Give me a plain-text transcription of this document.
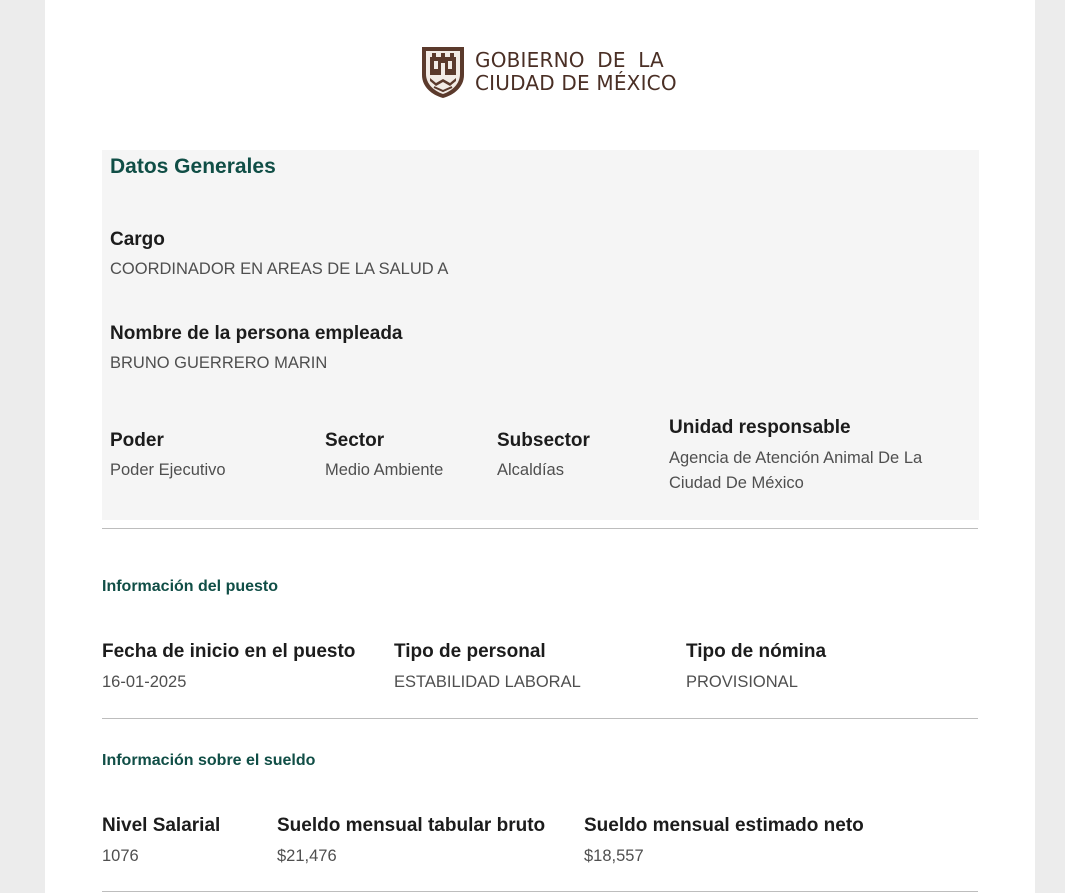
GOBIERNO DE LA
CIUDAD DE MÉXICO
Datos Generales
Cargo
COORDINADOR EN AREAS DE LA SALUD A
Nombre de la persona empleada
BRUNO GUERRERO MARIN
Poder
Poder Ejecutivo
Sector
Medio Ambiente
Subsector
Alcaldías
Unidad responsable
Agencia de Atención Animal De La Ciudad De México
Información del puesto
Fecha de inicio en el puesto
16-01-2025
Tipo de personal
ESTABILIDAD LABORAL
Tipo de nómina
PROVISIONAL
Información sobre el sueldo
Nivel Salarial
1076
Sueldo mensual tabular bruto
$21,476
Sueldo mensual estimado neto
$18,557
